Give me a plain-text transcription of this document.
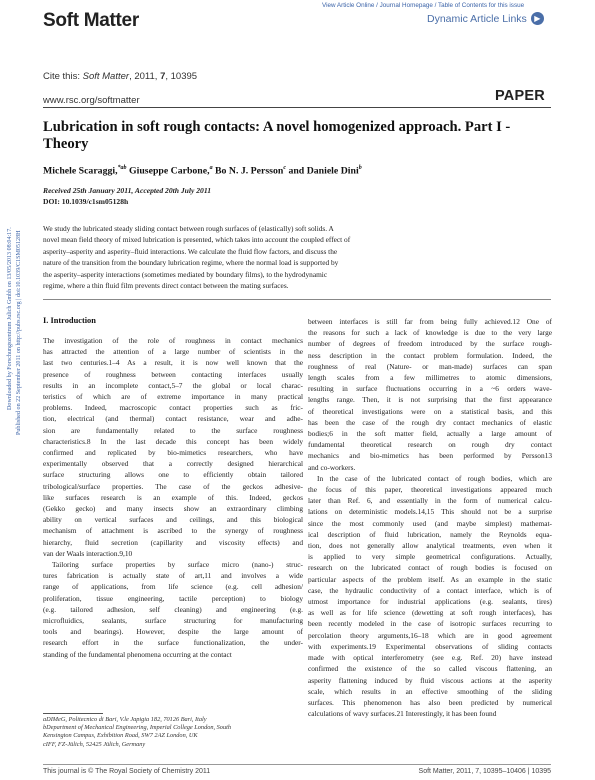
View Article Online / Journal Homepage / Table of Contents for this issue
Soft Matter	Dynamic Article Links ▶
Cite this: Soft Matter, 2011, 7, 10395
www.rsc.org/softmatter	PAPER
Downloaded by Forschungszentrum Julich Gmbh on 13/05/2013 08:04:17. Published on 22 September 2011 on http://pubs.rsc.org | doi:10.1039/C1SM05128H
Lubrication in soft rough contacts: A novel homogenized approach. Part I - Theory
Michele Scaraggi,$^{*ab}$ Giuseppe Carbone,$^a$ Bo N. J. Persson$^c$ and Daniele Dini$^b$
Received 25th January 2011, Accepted 20th July 2011
DOI: 10.1039/c1sm05128h
We study the lubricated steady sliding contact between rough surfaces of (elastically) soft solids. A
novel mean field theory of mixed lubrication is presented, which takes into account the coupled effect of
asperity–asperity and asperity–fluid interactions. We calculate the fluid flow factors, and discuss the
nature of the transition from the boundary lubrication regime, where the normal load is supported by
the asperity–asperity interactions (sometimes mediated by boundary films), to the hydrodynamic
regime, where a thin fluid film prevents direct contact between the mating surfaces.
I. Introduction
The investigation of the role of roughness in contact mechanics
has attracted the attention of a large number of scientists in the
last two centuries.1–4 As a result, it is now well known that the
presence of roughness between contacting interfaces usually
results in an incomplete contact,5–7 the global or local charac-
teristics of which are of extreme importance in many practical
problems. Indeed, macroscopic contact properties such as fric-
tion, electrical (and thermal) contact resistance, wear and adhe-
sion are fundamentally related to the surface roughness
characteristics.8 In the last decade this concept has been widely
confirmed and replicated by bio-mimetics researchers, who have
experimentally observed that a correctly designed hierarchical
surface structuring allows one to efficiently obtain tailored
tribological/surface properties. The case of the geckos adhesive-
like surfaces research is an example of this. Indeed, geckos
(Gekko gecko) and many insects show an extraordinary climbing
ability on vertical surfaces and ceilings, and this biological
mechanism of attachment is ascribed to the synergy of roughness
hierarchy, fluid secretion (capillarity and viscosity effects) and
van der Waals interaction.9,10
Tailoring surface properties by surface micro (nano-) struc-
tures fabrication is actually state of art,11 and involves a wide
range of applications, from life science (e.g. cell adhesion/
proliferation, tissue engineering, tactile perception) to biology
(e.g. tailored adhesion, self cleaning) and engineering (e.g.
microfluidics, sealants, surface structuring for manufacturing
tools and bearings). However, despite the large amount of
research effort in the surface functionalization, the under-
standing of the fundamental phenomena occurring at the contact
between interfaces is still far from being fully achieved.12 One of
the reasons for such a lack of knowledge is due to the very large
number of degrees of freedom introduced by the surface rough-
ness description in the contact problem formulation. Indeed, the
roughness of real (Nature- or man-made) surfaces can span
length scales from a few millimetres to atomic dimensions,
resulting in surface fluctuations occurring in a ~6 orders wave-
lengths range. Then, it is not surprising that the first appearance
of theoretical investigations were on a statistical basis, and this
has been the case of the rough dry contact mechanics of elastic
bodies;6 in the soft matter field, actually a large amount of
fundamental theoretical research on rough dry contact
mechanics and bio-mimetics has been performed by Persson13
and co-workers.
In the case of the lubricated contact of rough bodies, which are
the focus of this paper, theoretical investigations appeared much
later than Ref. 6, and essentially in the form of numerical calcu-
lations on deterministic models.14,15 This should not be a surprise
since the most commonly used (and maybe simplest) mathemat-
ical description of fluid lubrication, namely the Reynolds equa-
tion, does not generally allow analytical treatments, even when it
is applied to very simple geometrical configurations. Actually,
research on the lubricated contact of rough bodies is focused on
particular aspects of the problem itself. As an example in the static
case, the hydraulic conductivity of a contact interface, which is of
utmost importance for industrial applications (e.g. sealants, tires)
as well as for life science (dewetting at soft rough interfaces), has
been recently modeled in the case of isotropic surfaces recurring to
percolation theory arguments,16–18 which are in good agreement
with experiments.19 Experimental observations of sliding contacts
made with optical interferometry (see e.g. Ref. 20) have instead
confirmed the existence of the so called viscous flattening, an
asperity flattening induced by fluid viscous actions at the asperity
scale, which results in an effective smoothing of the sliding
surfaces. This phenomenon has also been predicted by numerical
calculations of wavy surfaces.21 Interestingly, it has been found
aDIMeG, Politecnico di Bari, V.le Japigia 182, 70126 Bari, Italy
bDepartment of Mechanical Engineering, Imperial College London, South
Kensington Campus, Exhibition Road, SW7 2AZ London, UK
cIFF, FZ-Jülich, 52425 Jülich, Germany
This journal is © The Royal Society of Chemistry 2011	Soft Matter, 2011, 7, 10395–10406 | 10395
